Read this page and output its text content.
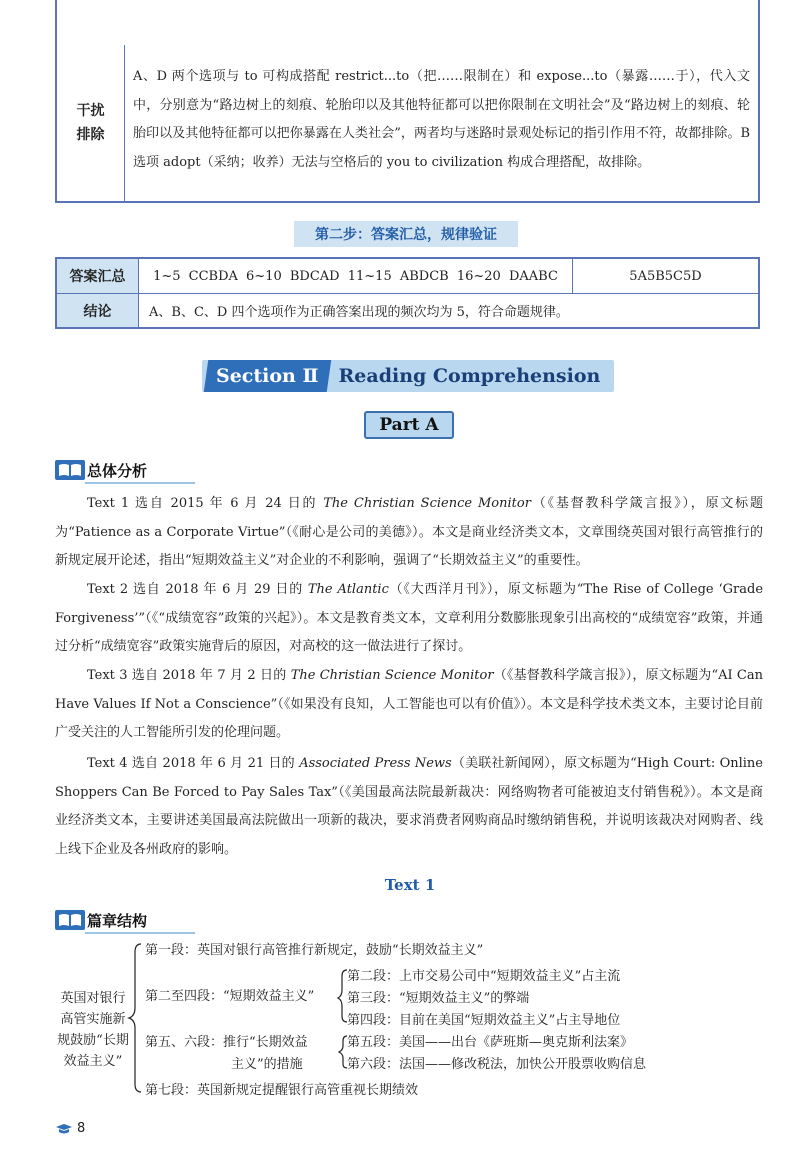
干扰排除
A、D 两个选项与 to 可构成搭配 restrict...to（把……限制在）和 expose...to（暴露……于），代入文中，分别意为“路边树上的刻痕、轮胎印以及其他特征都可以把你限制在文明社会”及“路边树上的刻痕、轮胎印以及其他特征都可以把你暴露在人类社会”，两者均与迷路时景观处标记的指引作用不符，故都排除。B 选项 adopt（采纳；收养）无法与空格后的 you to civilization 构成合理搭配，故排除。
第二步：答案汇总，规律验证
答案汇总	1~5 CCBDA 6~10 BDCAD 11~15 ABDCB 16~20 DAABC	5A5B5C5D
结论	A、B、C、D 四个选项作为正确答案出现的频次均为 5，符合命题规律。
Section Ⅱ	Reading Comprehension
Part A
总体分析
Text 1 选自 2015 年 6 月 24 日的 The Christian Science Monitor（《基督教科学箴言报》），原文标题为“Patience as a Corporate Virtue”（《耐心是公司的美德》）。本文是商业经济类文本，文章围绕英国对银行高管推行的新规定展开论述，指出“短期效益主义”对企业的不利影响，强调了“长期效益主义”的重要性。
Text 2 选自 2018 年 6 月 29 日的 The Atlantic（《大西洋月刊》），原文标题为“The Rise of College ‘Grade Forgiveness’”（《“成绩宽容”政策的兴起》）。本文是教育类文本，文章利用分数膨胀现象引出高校的“成绩宽容”政策，并通过分析“成绩宽容”政策实施背后的原因，对高校的这一做法进行了探讨。
Text 3 选自 2018 年 7 月 2 日的 The Christian Science Monitor（《基督教科学箴言报》），原文标题为“AI Can Have Values If Not a Conscience”（《如果没有良知，人工智能也可以有价值》）。本文是科学技术类文本，主要讨论目前广受关注的人工智能所引发的伦理问题。
Text 4 选自 2018 年 6 月 21 日的 Associated Press News（美联社新闻网），原文标题为“High Court: Online Shoppers Can Be Forced to Pay Sales Tax”（《美国最高法院最新裁决：网络购物者可能被迫支付销售税》）。本文是商业经济类文本，主要讲述美国最高法院做出一项新的裁决，要求消费者网购商品时缴纳销售税，并说明该裁决对网购者、线上线下企业及各州政府的影响。
Text 1
篇章结构
英国对银行高管实施新规鼓励“长期效益主义”
第一段：英国对银行高管推行新规定，鼓励“长期效益主义”
第二至四段：“短期效益主义”
第二段：上市交易公司中“短期效益主义”占主流
第三段：“短期效益主义”的弊端
第四段：目前在美国“短期效益主义”占主导地位
第五、六段：推行“长期效益
主义”的措施
第五段：美国——出台《萨班斯—奥克斯利法案》
第六段：法国——修改税法，加快公开股票收购信息
第七段：英国新规定提醒银行高管重视长期绩效
8
